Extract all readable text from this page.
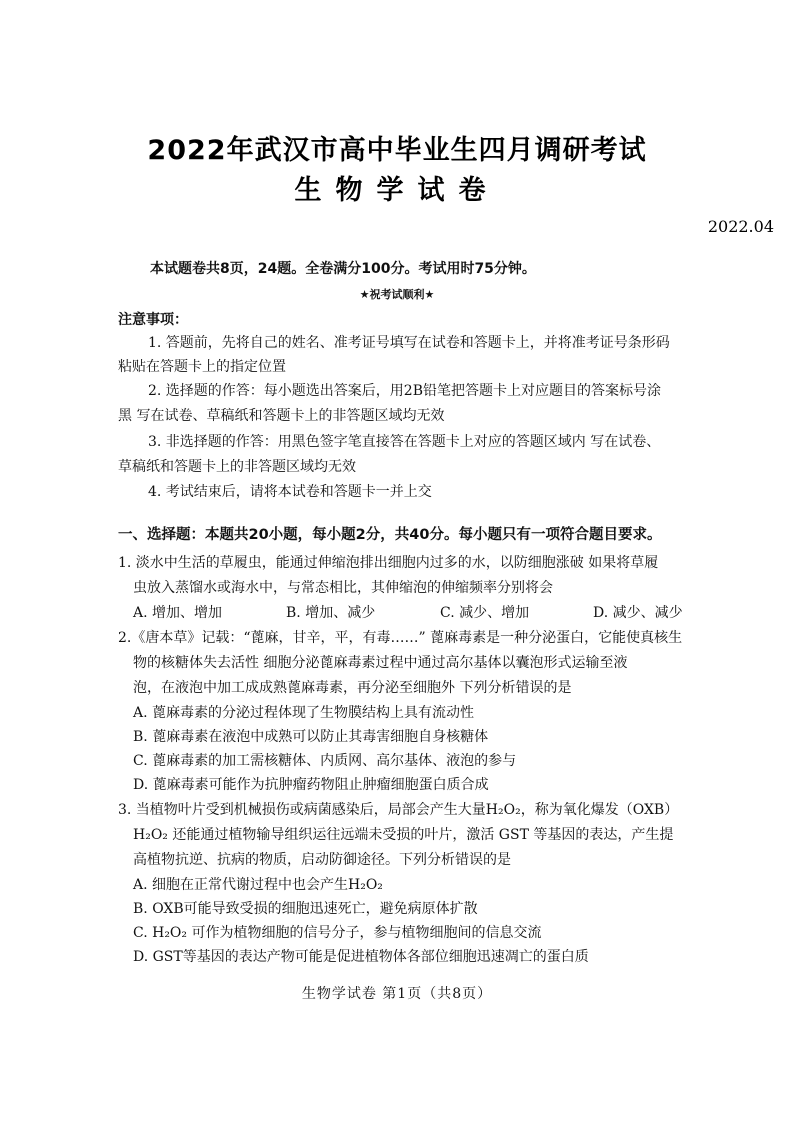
2022年武汉市高中毕业生四月调研考试
生物学试卷
2022.04
本试题卷共8页，24题。全卷满分100分。考试用时75分钟。
★祝考试顺利★
注意事项：
1. 答题前，先将自己的姓名、准考证号填写在试卷和答题卡上，并将准考证号条形码
粘贴在答题卡上的指定位置
2. 选择题的作答：每小题选出答案后，用2B铅笔把答题卡上对应题目的答案标号涂
黑 写在试卷、草稿纸和答题卡上的非答题区域均无效
3. 非选择题的作答：用黑色签字笔直接答在答题卡上对应的答题区域内 写在试卷、
草稿纸和答题卡上的非答题区域均无效
4. 考试结束后，请将本试卷和答题卡一并上交
一、选择题：本题共20小题，每小题2分，共40分。每小题只有一项符合题目要求。
1. 淡水中生活的草履虫，能通过伸缩泡排出细胞内过多的水，以防细胞涨破 如果将草履
虫放入蒸馏水或海水中，与常态相比，其伸缩泡的伸缩频率分别将会
A. 增加、增加	B. 增加、减少	C. 减少、增加	D. 减少、减少
2.《唐本草》记载：“蓖麻，甘辛，平，有毒……” 蓖麻毒素是一种分泌蛋白，它能使真核生
物的核糖体失去活性 细胞分泌蓖麻毒素过程中通过高尔基体以囊泡形式运输至液
泡，在液泡中加工成成熟蓖麻毒素，再分泌至细胞外 下列分析错误的是
A. 蓖麻毒素的分泌过程体现了生物膜结构上具有流动性
B. 蓖麻毒素在液泡中成熟可以防止其毒害细胞自身核糖体
C. 蓖麻毒素的加工需核糖体、内质网、高尔基体、液泡的参与
D. 蓖麻毒素可能作为抗肿瘤药物阻止肿瘤细胞蛋白质合成
3. 当植物叶片受到机械损伤或病菌感染后，局部会产生大量H₂O₂，称为氧化爆发（OXB）
H₂O₂ 还能通过植物输导组织运往远端未受损的叶片，激活 GST 等基因的表达，产生提
高植物抗逆、抗病的物质，启动防御途径。下列分析错误的是
A. 细胞在正常代谢过程中也会产生H₂O₂
B. OXB可能导致受损的细胞迅速死亡，避免病原体扩散
C. H₂O₂ 可作为植物细胞的信号分子，参与植物细胞间的信息交流
D. GST等基因的表达产物可能是促进植物体各部位细胞迅速凋亡的蛋白质
生物学试卷 第1页（共8页）
